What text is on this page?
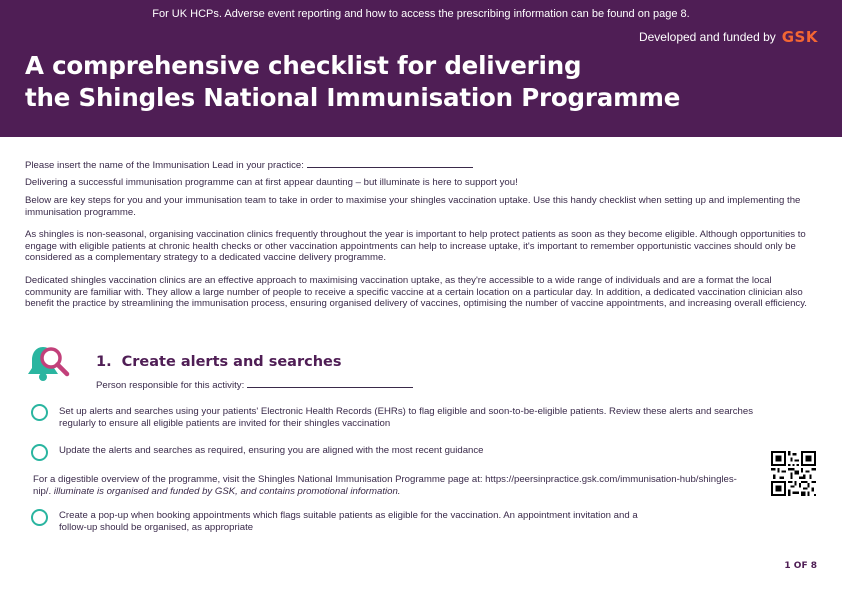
For UK HCPs. Adverse event reporting and how to access the prescribing information can be found on page 8.
Developed and funded by GSK
A comprehensive checklist for delivering
the Shingles National Immunisation Programme
Please insert the name of the Immunisation Lead in your practice:
Delivering a successful immunisation programme can at first appear daunting – but illuminate is here to support you!
Below are key steps for you and your immunisation team to take in order to maximise your shingles vaccination uptake. Use this handy checklist when setting up and implementing the immunisation programme.
As shingles is non-seasonal, organising vaccination clinics frequently throughout the year is important to help protect patients as soon as they become eligible. Although opportunities to engage with eligible patients at chronic health checks or other vaccination appointments can help to increase uptake, it's important to remember opportunistic vaccines should only be considered as a complementary strategy to a dedicated vaccine delivery programme.
Dedicated shingles vaccination clinics are an effective approach to maximising vaccination uptake, as they're accessible to a wide range of individuals and are a format the local community are familiar with. They allow a large number of people to receive a specific vaccine at a certain location on a particular day. In addition, a dedicated vaccination clinician also benefit the practice by streamlining the immunisation process, ensuring organised delivery of vaccines, optimising the number of vaccine appointments, and increasing overall efficiency.
1. Create alerts and searches
Person responsible for this activity:
Set up alerts and searches using your patients' Electronic Health Records (EHRs) to flag eligible and soon-to-be-eligible patients. Review these alerts and searches regularly to ensure all eligible patients are invited for their shingles vaccination
Update the alerts and searches as required, ensuring you are aligned with the most recent guidance
For a digestible overview of the programme, visit the Shingles National Immunisation Programme page at: https://peersinpractice.gsk.com/immunisation-hub/shingles-nip/. illuminate is organised and funded by GSK, and contains promotional information.
Create a pop-up when booking appointments which flags suitable patients as eligible for the vaccination. An appointment invitation and a follow-up should be organised, as appropriate
1 OF 8
